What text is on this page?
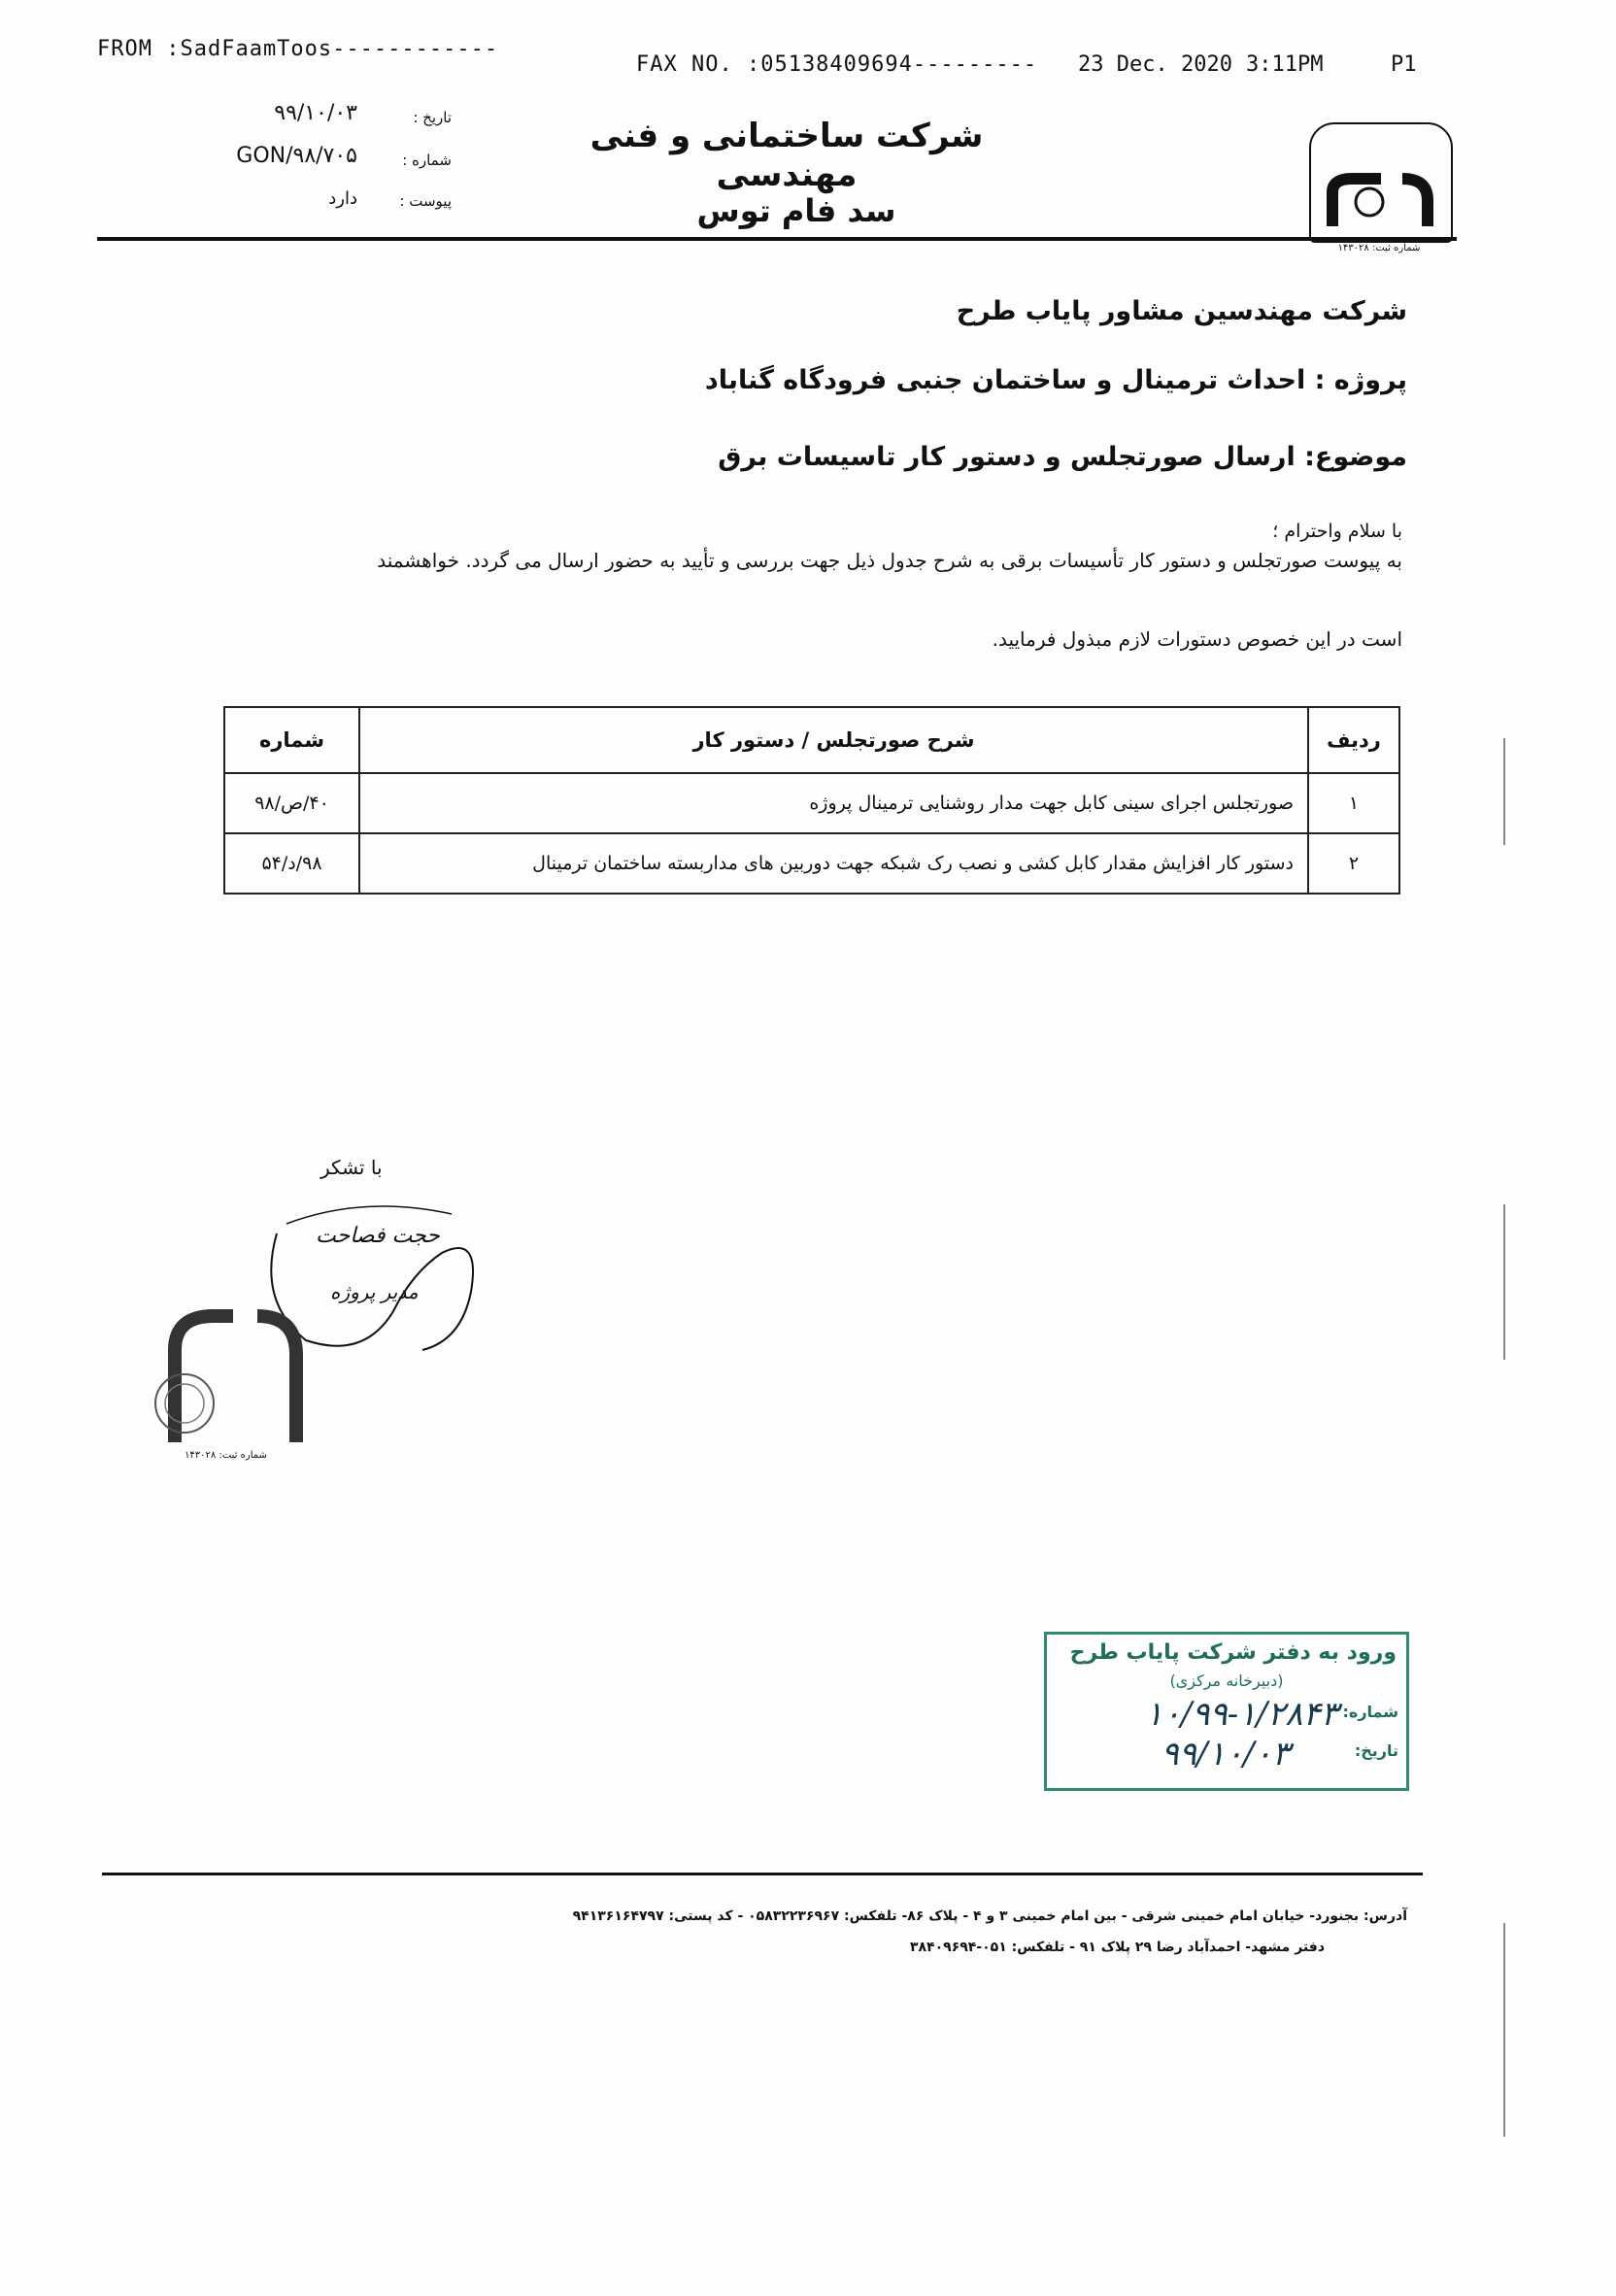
FROM :SadFaamToos------------
FAX NO. :05138409694--------- 23 Dec. 2020 3:11PM	P1
تاریخ :
۹۹/۱۰/۰۳
شماره :
GON/۹۸/۷۰۵
پیوست :
دارد
شرکت ساختمانی و فنی مهندسی
سد فام توس
شماره ثبت: ۱۴۳۰۲۸
شرکت مهندسین مشاور پایاب طرح
پروژه : احداث ترمینال و ساختمان جنبی فرودگاه گناباد
موضوع: ارسال صورتجلس و دستور کار تاسیسات برق
با سلام واحترام ؛
به پیوست صورتجلس و دستور کار تأسیسات برقی به شرح جدول ذیل جهت بررسی و تأیید به حضور ارسال می گردد. خواهشمند
است در این خصوص دستورات لازم مبذول فرمایید.
ردیف	شرح صورتجلس / دستور کار	شماره
۱	صورتجلس اجرای سینی کابل جهت مدار روشنایی ترمینال پروژه	۴۰/ص/۹۸
۲	دستور کار افزایش مقدار کابل کشی و نصب رک شبکه جهت دوربین های مداربسته ساختمان ترمینال	۹۸/د/۵۴
با تشکر
حجت فصاحت
مدیر پروژه
شماره ثبت: ۱۴۳۰۲۸
ورود به دفتر شرکت پایاب طرح
(دبیرخانه مرکزی)
شماره:
۱۰/۹۹-۱/۲۸۴۳
تاریخ:
۹۹/۱۰/۰۳
آدرس: بجنورد- خیابان امام خمینی شرقی - بین امام خمینی ۳ و ۴ - پلاک ۸۶- تلفکس: ۰۵۸۳۲۲۳۶۹۶۷ - کد پستی: ۹۴۱۳۶۱۶۴۷۹۷
دفتر مشهد- احمدآباد رضا ۲۹ پلاک ۹۱ - تلفکس: ۰۵۱-۳۸۴۰۹۶۹۴
